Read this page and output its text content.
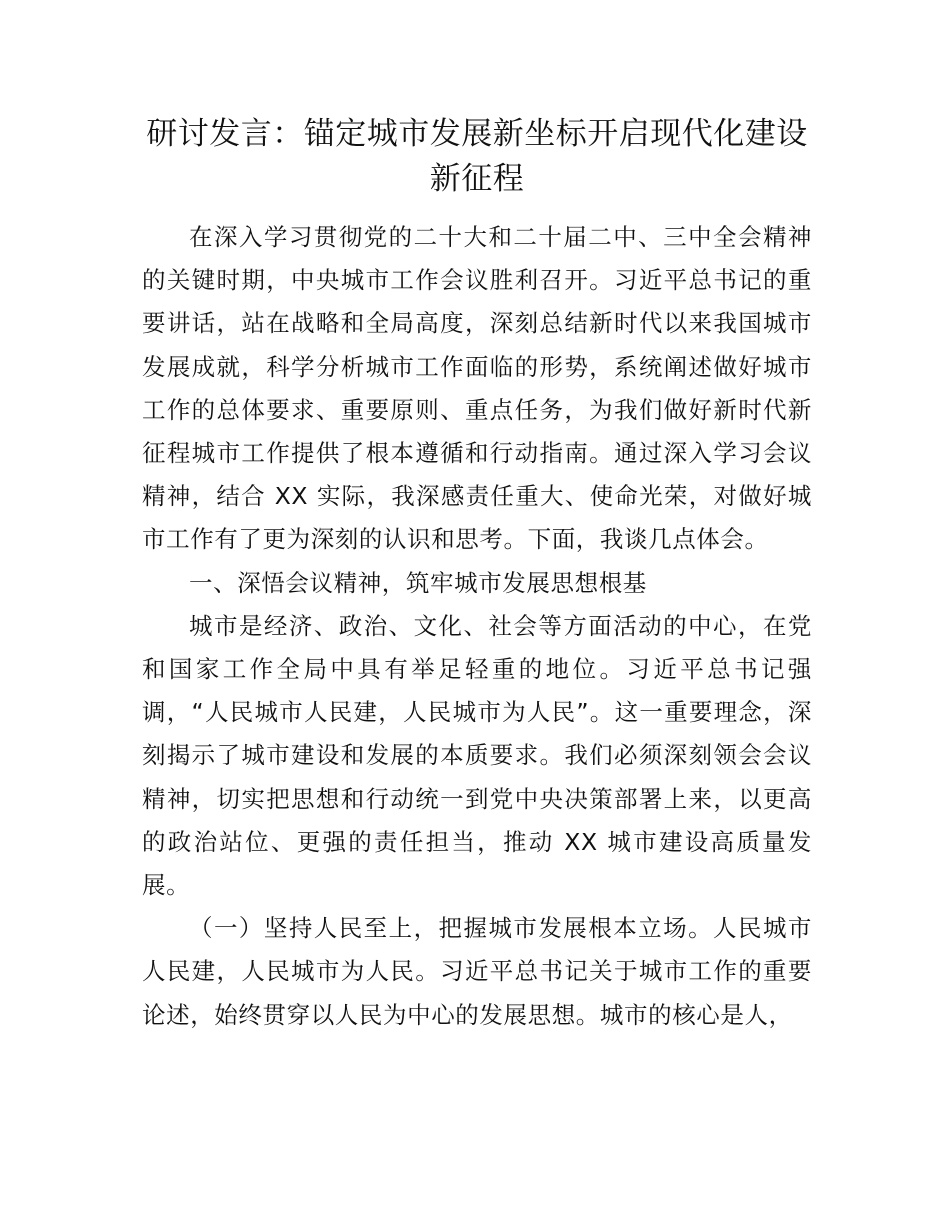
研讨发言：锚定城市发展新坐标开启现代化建设新征程

在深入学习贯彻党的二十大和二十届二中、三中全会精神的关键时期，中央城市工作会议胜利召开。习近平总书记的重要讲话，站在战略和全局高度，深刻总结新时代以来我国城市发展成就，科学分析城市工作面临的形势，系统阐述做好城市工作的总体要求、重要原则、重点任务，为我们做好新时代新征程城市工作提供了根本遵循和行动指南。通过深入学习会议精神，结合 XX 实际，我深感责任重大、使命光荣，对做好城市工作有了更为深刻的认识和思考。下面，我谈几点体会。

一、深悟会议精神，筑牢城市发展思想根基

城市是经济、政治、文化、社会等方面活动的中心，在党和国家工作全局中具有举足轻重的地位。习近平总书记强调，“人民城市人民建，人民城市为人民”。这一重要理念，深刻揭示了城市建设和发展的本质要求。我们必须深刻领会会议精神，切实把思想和行动统一到党中央决策部署上来，以更高的政治站位、更强的责任担当，推动 XX 城市建设高质量发展。

（一）坚持人民至上，把握城市发展根本立场。人民城市人民建，人民城市为人民。习近平总书记关于城市工作的重要论述，始终贯穿以人民为中心的发展思想。城市的核心是人，
